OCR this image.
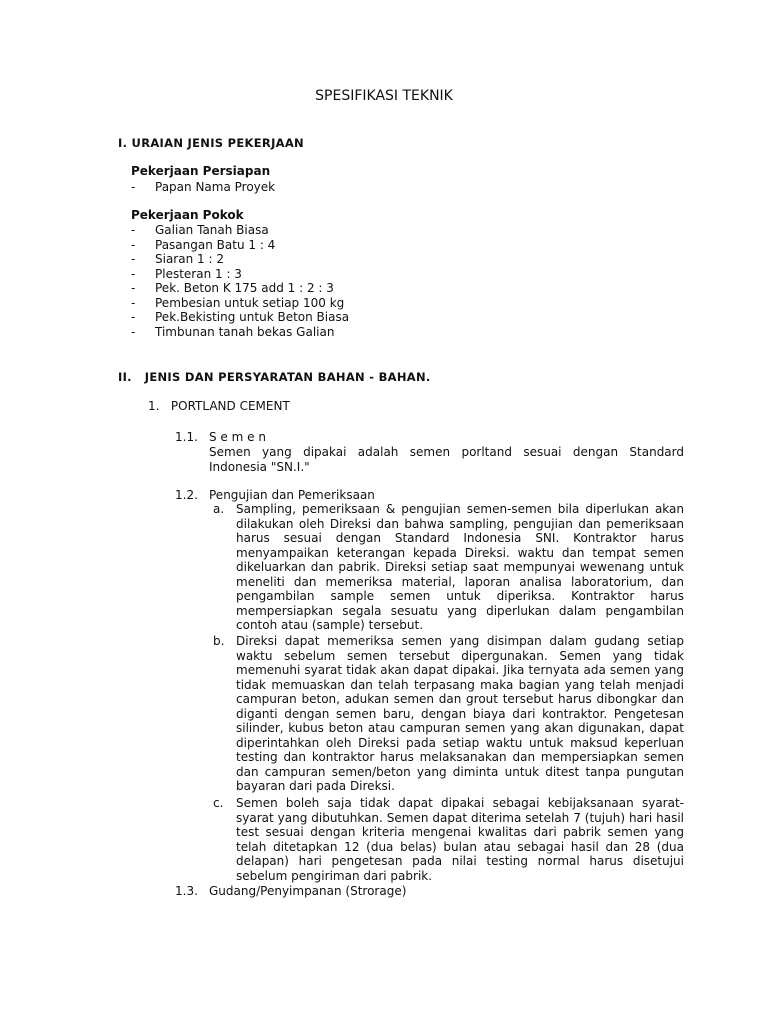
SPESIFIKASI TEKNIK
I. URAIAN JENIS PEKERJAAN
Pekerjaan Persiapan
- Papan Nama Proyek
Pekerjaan Pokok
- Galian Tanah Biasa
- Pasangan Batu 1 : 4
- Siaran 1 : 2
- Plesteran 1 : 3
- Pek. Beton K 175 add 1 : 2 : 3
- Pembesian untuk setiap 100 kg
- Pek.Bekisting untuk Beton Biasa
- Timbunan tanah bekas Galian
II.   JENIS DAN PERSYARATAN BAHAN - BAHAN.
1.   PORTLAND CEMENT
1.1. S e m e n
Semen yang dipakai adalah semen porltand sesuai dengan Standard Indonesia "SN.I."
1.2. Pengujian dan Pemeriksaan
a. Sampling, pemeriksaan & pengujian semen-semen bila diperlukan akan dilakukan oleh Direksi dan bahwa sampling, pengujian dan pemeriksaan harus sesuai dengan Standard Indonesia SNI. Kontraktor harus menyampaikan keterangan kepada Direksi. waktu dan tempat semen dikeluarkan dan pabrik. Direksi setiap saat mempunyai wewenang untuk meneliti dan memeriksa material, laporan analisa laboratorium, dan pengambilan sample semen untuk diperiksa. Kontraktor harus mempersiapkan segala sesuatu yang diperlukan dalam pengambilan contoh atau (sample) tersebut.
b. Direksi dapat memeriksa semen yang disimpan dalam gudang setiap waktu sebelum semen tersebut dipergunakan. Semen yang tidak memenuhi syarat tidak akan dapat dipakai. Jika ternyata ada semen yang tidak memuaskan dan telah terpasang maka bagian yang telah menjadi campuran beton, adukan semen dan grout tersebut harus dibongkar dan diganti dengan semen baru, dengan biaya dari kontraktor. Pengetesan silinder, kubus beton atau campuran semen yang akan digunakan, dapat diperintahkan oleh Direksi pada setiap waktu untuk maksud keperluan testing dan kontraktor harus melaksanakan dan mempersiapkan semen dan campuran semen/beton yang diminta untuk ditest tanpa pungutan bayaran dari pada Direksi.
c. Semen boleh saja tidak dapat dipakai sebagai kebijaksanaan syarat-syarat yang dibutuhkan. Semen dapat diterima setelah 7 (tujuh) hari hasil test sesuai dengan kriteria mengenai kwalitas dari pabrik semen yang telah ditetapkan 12 (dua belas) bulan atau sebagai hasil dan 28 (dua delapan) hari pengetesan pada nilai testing normal harus disetujui sebelum pengiriman dari pabrik.
1.3. Gudang/Penyimpanan (Strorage)
